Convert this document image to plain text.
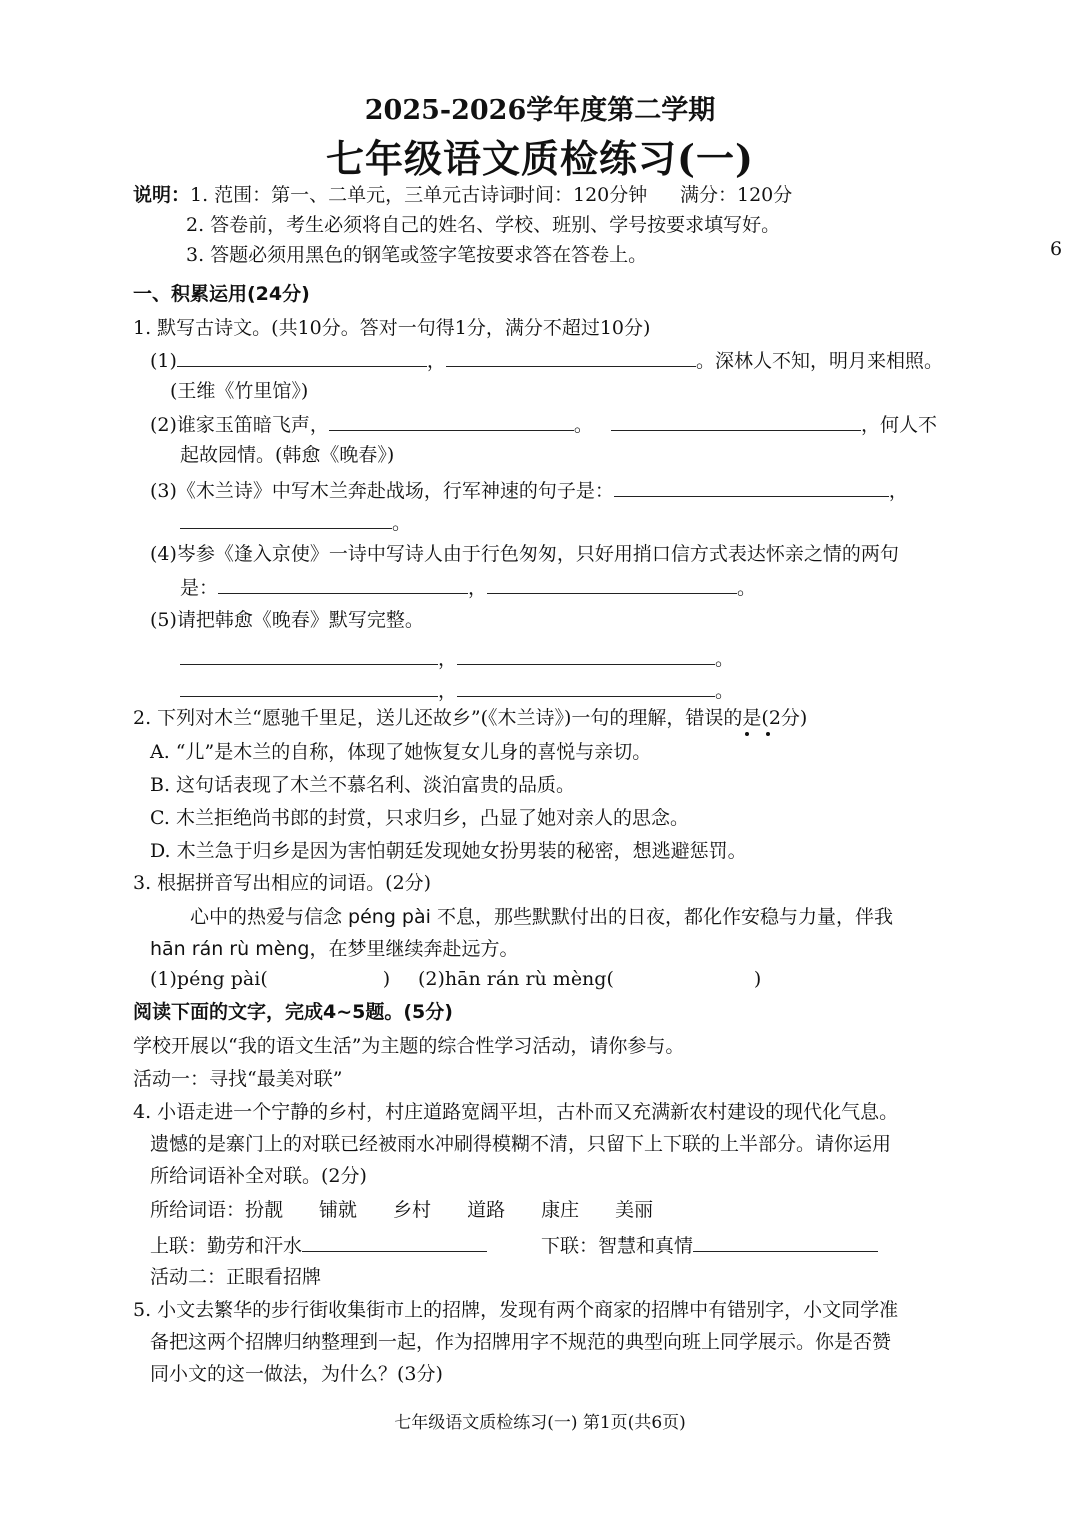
2025-2026学年度第二学期
七年级语文质检练习(一)
6
说明：1. 范围：第一、二单元，三单元古诗词
时间：120分钟 满分：120分
2. 答卷前，考生必须将自己的姓名、学校、班别、学号按要求填写好。
3. 答题必须用黑色的钢笔或签字笔按要求答在答卷上。
一、积累运用(24分)
1. 默写古诗文。(共10分。答对一句得1分，满分不超过10分)
(1)	，	。深林人不知，明月来相照。
(王维《竹里馆》)
(2)谁家玉笛暗飞声，	。	，何人不
起故园情。(韩愈《晚春》)
(3)《木兰诗》中写木兰奔赴战场，行军神速的句子是：	，
。
(4)岑参《逢入京使》一诗中写诗人由于行色匆匆，只好用捎口信方式表达怀亲之情的两句
是：	，	。
(5)请把韩愈《晚春》默写完整。
，	。
，	。
2. 下列对木兰“愿驰千里足，送儿还故乡”(《木兰诗》)一句的理解，错误的是(2分)
A. “儿”是木兰的自称，体现了她恢复女儿身的喜悦与亲切。
B. 这句话表现了木兰不慕名利、淡泊富贵的品质。
C. 木兰拒绝尚书郎的封赏，只求归乡，凸显了她对亲人的思念。
D. 木兰急于归乡是因为害怕朝廷发现她女扮男装的秘密，想逃避惩罚。
3. 根据拼音写出相应的词语。(2分)
心中的热爱与信念 péng pài 不息，那些默默付出的日夜，都化作安稳与力量，伴我
hān rán rù mèng，在梦里继续奔赴远方。
(1)péng pài(	) (2)hān rán rù mèng(	)
阅读下面的文字，完成4~5题。(5分)
学校开展以“我的语文生活”为主题的综合性学习活动，请你参与。
活动一：寻找“最美对联”
4. 小语走进一个宁静的乡村，村庄道路宽阔平坦，古朴而又充满新农村建设的现代化气息。
遗憾的是寨门上的对联已经被雨水冲刷得模糊不清，只留下上下联的上半部分。请你运用
所给词语补全对联。(2分)
所给词语：扮靓 铺就 乡村 道路 康庄 美丽
上联：勤劳和汗水	下联：智慧和真情
活动二：正眼看招牌
5. 小文去繁华的步行街收集街市上的招牌，发现有两个商家的招牌中有错别字，小文同学准
备把这两个招牌归纳整理到一起，作为招牌用字不规范的典型向班上同学展示。你是否赞
同小文的这一做法，为什么？(3分)
七年级语文质检练习(一) 第1页(共6页)
